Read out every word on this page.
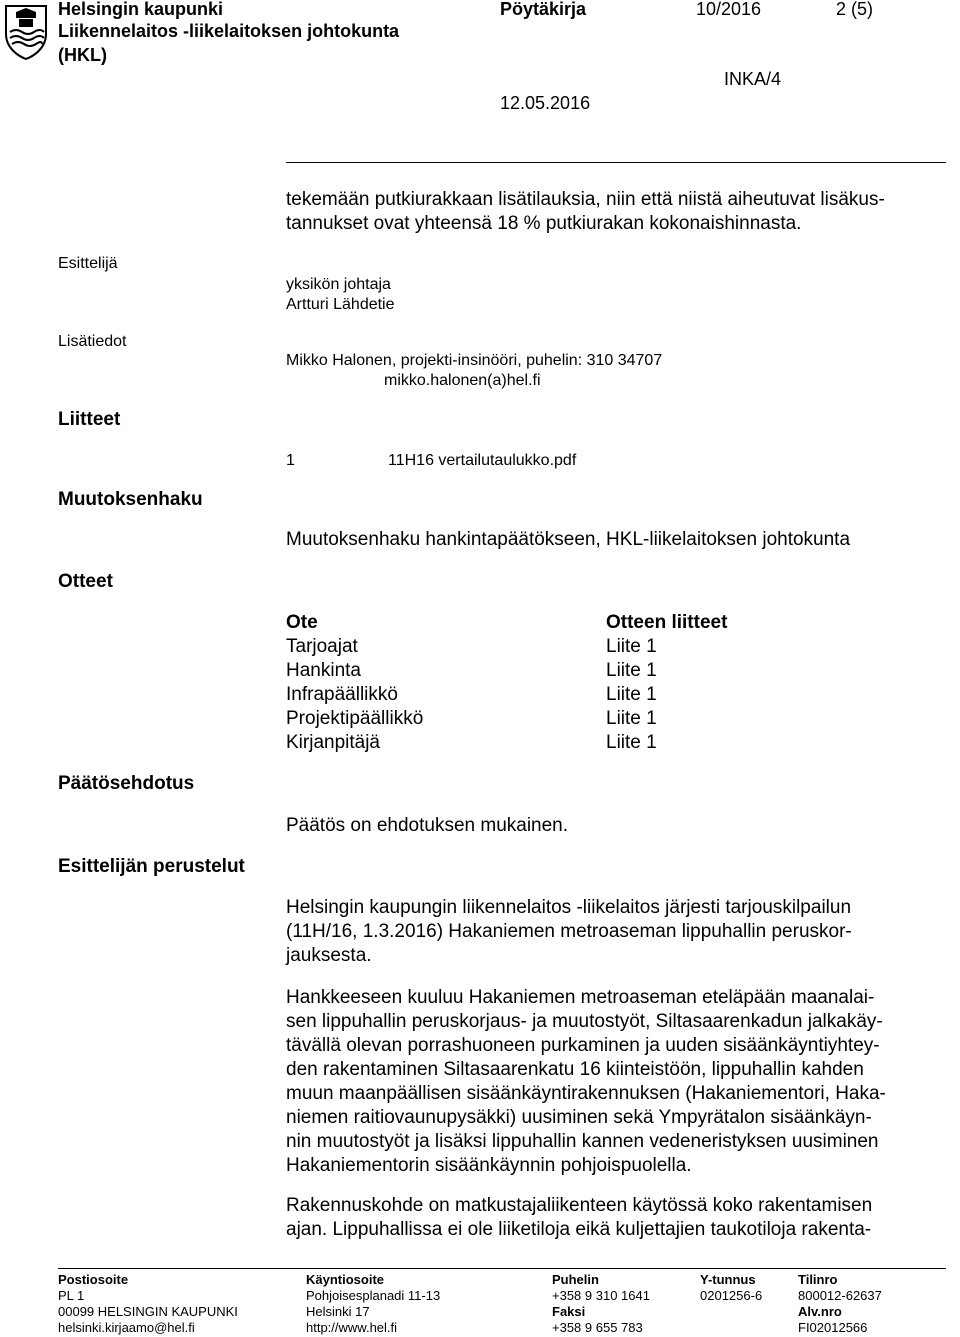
Helsingin kaupunki
Liikennelaitos -liikelaitoksen johtokunta
(HKL)
Pöytäkirja	10/2016	2 (5)
INKA/4
12.05.2016
tekemään putkiurakkaan lisätilauksia, niin että niistä aiheutuvat lisäkus-
tannukset ovat yhteensä 18 % putkiurakan kokonaishinnasta.
Esittelijä
Lisätiedot
Liitteet
Muutoksenhaku
Otteet
Päätösehdotus
Esittelijän perustelut
yksikön johtaja
Artturi Lähdetie
Mikko Halonen, projekti-insinööri, puhelin: 310 34707
mikko.halonen(a)hel.fi
1	11H16 vertailutaulukko.pdf
Muutoksenhaku hankintapäätökseen, HKL-liikelaitoksen johtokunta
Ote	Otteen liitteet
Tarjoajat	Liite 1
Hankinta	Liite 1
Infrapäällikkö	Liite 1
Projektipäällikkö	Liite 1
Kirjanpitäjä	Liite 1
Päätös on ehdotuksen mukainen.
Helsingin kaupungin liikennelaitos -liikelaitos järjesti tarjouskilpailun
(11H/16, 1.3.2016) Hakaniemen metroaseman lippuhallin peruskor-
jauksesta.
Hankkeeseen kuuluu Hakaniemen metroaseman eteläpään maanalai-
sen lippuhallin peruskorjaus- ja muutostyöt, Siltasaarenkadun jalkakäy-
tävällä olevan porrashuoneen purkaminen ja uuden sisäänkäyntiyhtey-
den rakentaminen Siltasaarenkatu 16 kiinteistöön, lippuhallin kahden
muun maanpäällisen sisäänkäyntirakennuksen (Hakaniementori, Haka-
niemen raitiovaunupysäkki) uusiminen sekä Ympyrätalon sisäänkäyn-
nin muutostyöt ja lisäksi lippuhallin kannen vedeneristyksen uusiminen
Hakaniementorin sisäänkäynnin pohjoispuolella.
Rakennuskohde on matkustajaliikenteen käytössä koko rakentamisen
ajan. Lippuhallissa ei ole liiketiloja eikä kuljettajien taukotiloja rakenta-
Postiosoite
PL 1
00099 HELSINGIN KAUPUNKI
helsinki.kirjaamo@hel.fi
Käyntiosoite
Pohjoisesplanadi 11-13
Helsinki 17
http://www.hel.fi
Puhelin
+358 9 310 1641
Faksi
+358 9 655 783
Y-tunnus
0201256-6
Tilinro
800012-62637
Alv.nro
FI02012566
